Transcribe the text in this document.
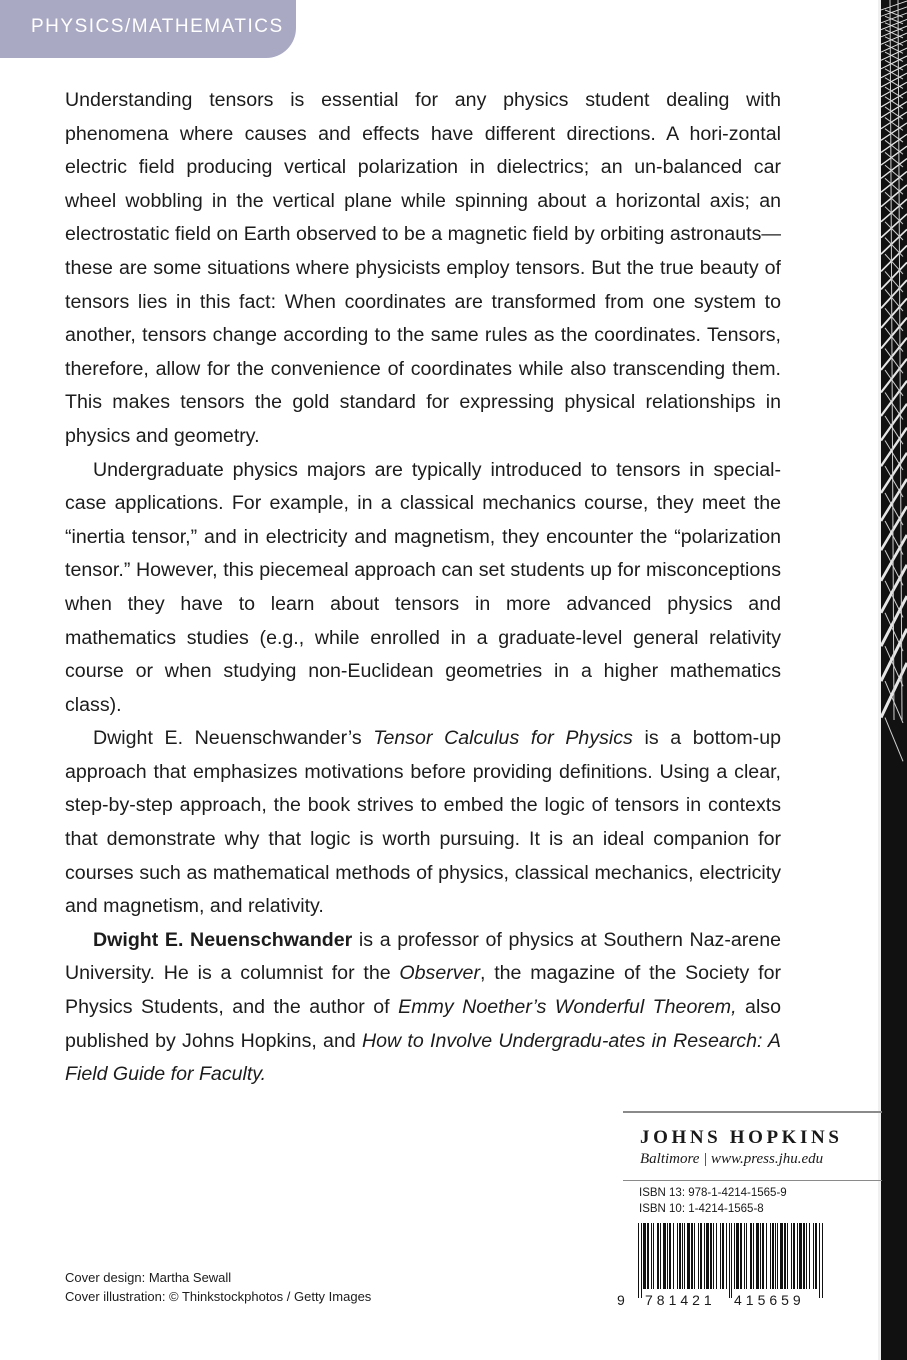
PHYSICS/MATHEMATICS

Understanding tensors is essential for any physics student dealing with phenomena where causes and effects have different directions. A hori-zontal electric field producing vertical polarization in dielectrics; an un-balanced car wheel wobbling in the vertical plane while spinning about a horizontal axis; an electrostatic field on Earth observed to be a magnetic field by orbiting astronauts—these are some situations where physicists employ tensors. But the true beauty of tensors lies in this fact: When coordinates are transformed from one system to another, tensors change according to the same rules as the coordinates. Tensors, therefore, allow for the convenience of coordinates while also transcending them. This makes tensors the gold standard for expressing physical relationships in physics and geometry.

Undergraduate physics majors are typically introduced to tensors in special-case applications. For example, in a classical mechanics course, they meet the “inertia tensor,” and in electricity and magnetism, they encounter the “polarization tensor.” However, this piecemeal approach can set students up for misconceptions when they have to learn about tensors in more advanced physics and mathematics studies (e.g., while enrolled in a graduate-level general relativity course or when studying non-Euclidean geometries in a higher mathematics class).

Dwight E. Neuenschwander’s Tensor Calculus for Physics is a bottom-up approach that emphasizes motivations before providing definitions. Using a clear, step-by-step approach, the book strives to embed the logic of tensors in contexts that demonstrate why that logic is worth pursuing. It is an ideal companion for courses such as mathematical methods of physics, classical mechanics, electricity and magnetism, and relativity.

Dwight E. Neuenschwander is a professor of physics at Southern Naz-arene University. He is a columnist for the Observer, the magazine of the Society for Physics Students, and the author of Emmy Noether’s Wonderful Theorem, also published by Johns Hopkins, and How to Involve Undergradu-ates in Research: A Field Guide for Faculty.

JOHNS HOPKINS
Baltimore | www.press.jhu.edu
ISBN 13: 978-1-4214-1565-9
ISBN 10: 1-4214-1565-8
9 781421 415659
Cover design: Martha Sewall
Cover illustration: © Thinkstockphotos / Getty Images
